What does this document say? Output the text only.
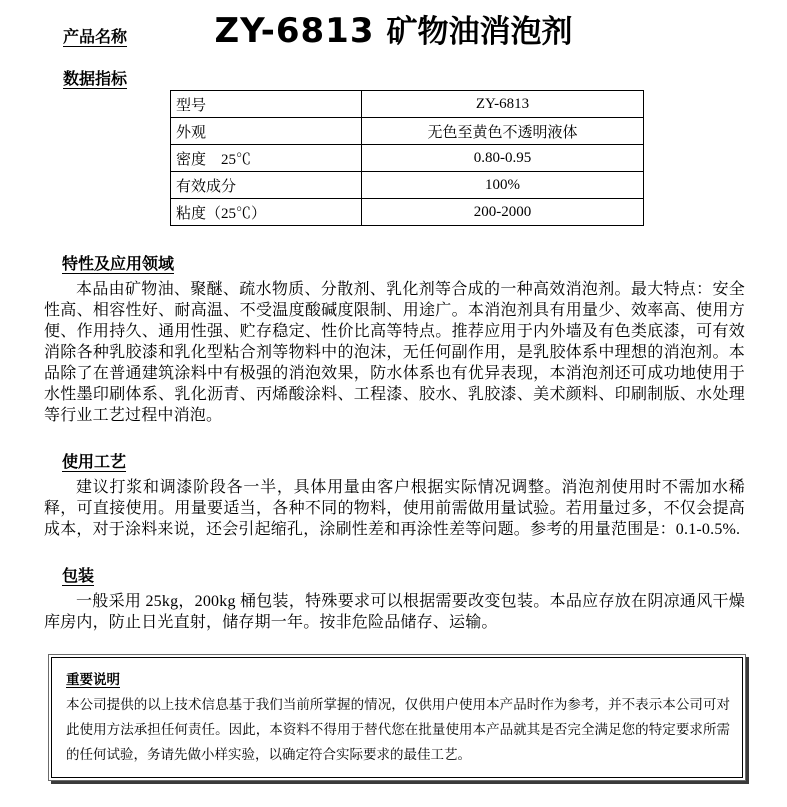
产品名称	ZY-6813 矿物油消泡剂
数据指标
型号	ZY-6813
外观	无色至黄色不透明液体
密度　25℃	0.80-0.95
有效成分	100%
粘度（25℃）	200-2000
特性及应用领域

本品由矿物油、聚醚、疏水物质、分散剂、乳化剂等合成的一种高效消泡剂。最大特点：安全性高、相容性好、耐高温、不受温度酸碱度限制、用途广。本消泡剂具有用量少、效率高、使用方便、作用持久、通用性强、贮存稳定、性价比高等特点。推荐应用于内外墙及有色类底漆，可有效消除各种乳胶漆和乳化型粘合剂等物料中的泡沫，无任何副作用，是乳胶体系中理想的消泡剂。本品除了在普通建筑涂料中有极强的消泡效果，防水体系也有优异表现，本消泡剂还可成功地使用于水性墨印刷体系、乳化沥青、丙烯酸涂料、工程漆、胶水、乳胶漆、美术颜料、印刷制版、水处理等行业工艺过程中消泡。

使用工艺

建议打浆和调漆阶段各一半，具体用量由客户根据实际情况调整。消泡剂使用时不需加水稀释，可直接使用。用量要适当，各种不同的物料，使用前需做用量试验。若用量过多，不仅会提高成本，对于涂料来说，还会引起缩孔，涂刷性差和再涂性差等问题。参考的用量范围是：0.1-0.5%.

包装

一般采用 25kg，200kg 桶包装，特殊要求可以根据需要改变包装。本品应存放在阴凉通风干燥库房内，防止日光直射，储存期一年。按非危险品储存、运输。

重要说明

本公司提供的以上技术信息基于我们当前所掌握的情况，仅供用户使用本产品时作为参考，并不表示本公司可对此使用方法承担任何责任。因此，本资料不得用于替代您在批量使用本产品就其是否完全满足您的特定要求所需的任何试验，务请先做小样实验，以确定符合实际要求的最佳工艺。
